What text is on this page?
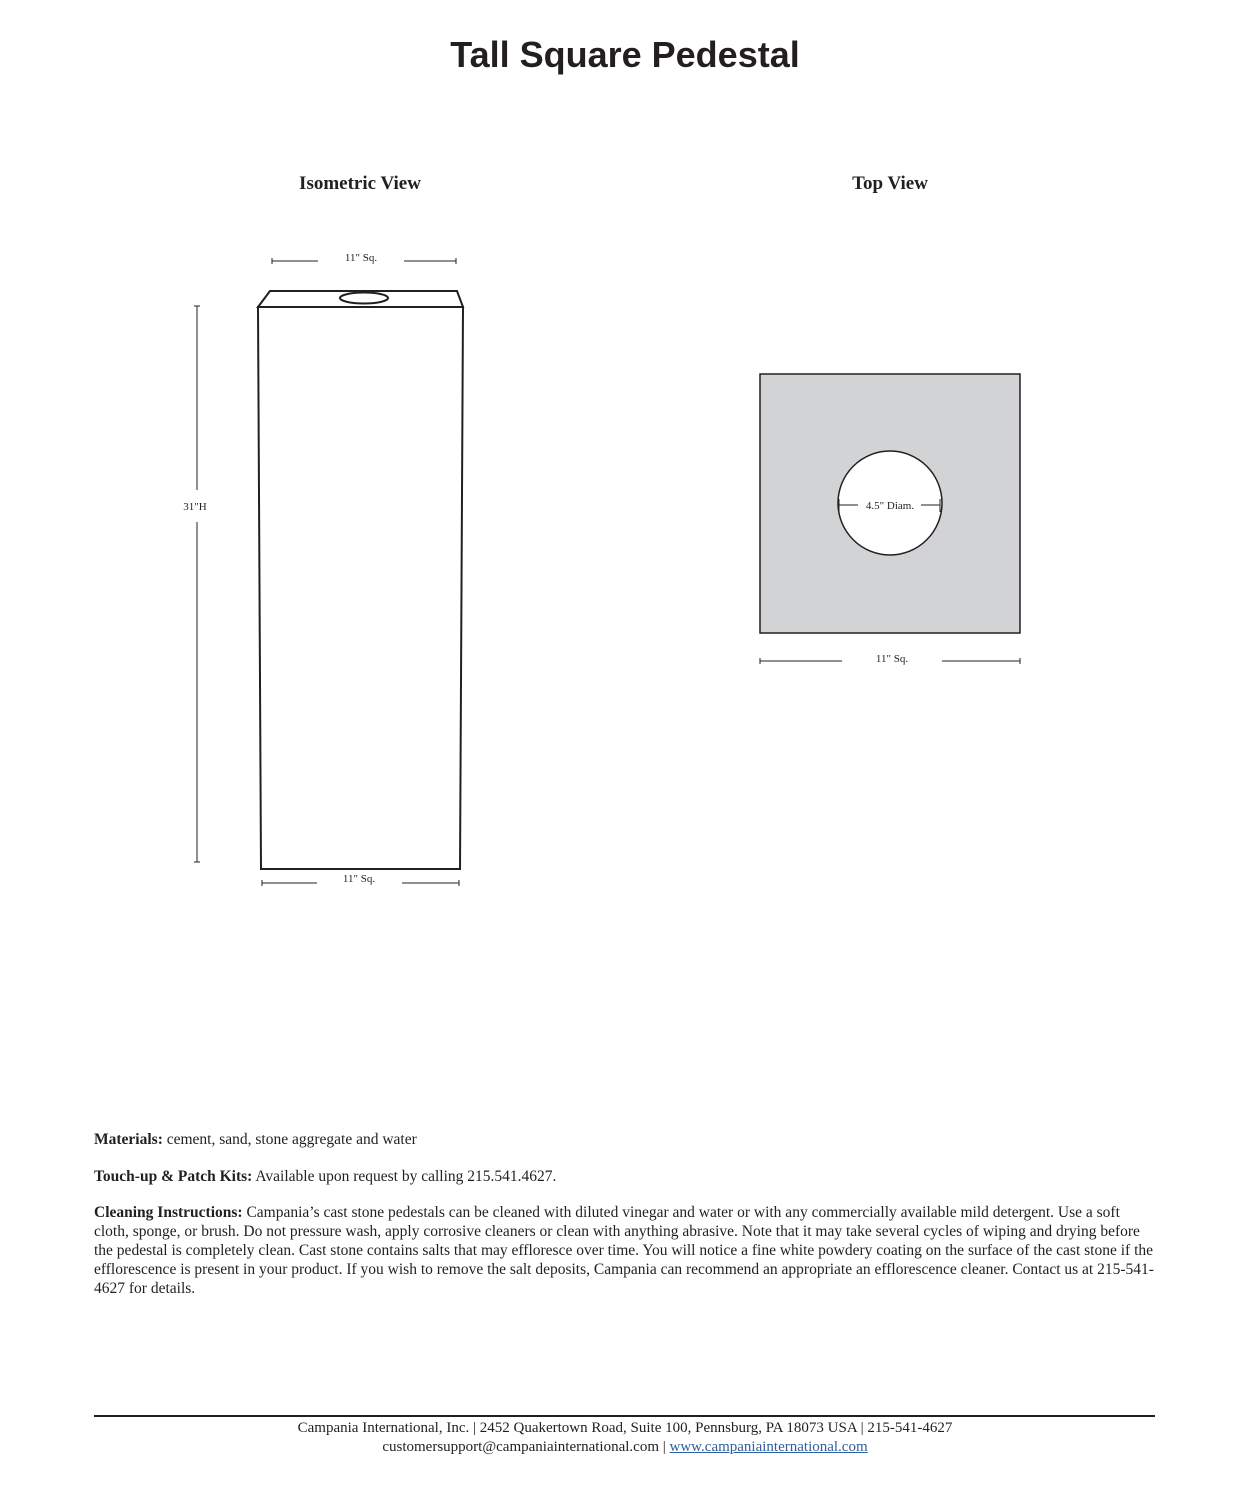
Tall Square Pedestal
Isometric View	Top View
11" Sq.
31"H
11" Sq.
4.5" Diam.
11" Sq.
Materials: cement, sand, stone aggregate and water
Touch-up & Patch Kits: Available upon request by calling 215.541.4627.
Cleaning Instructions: Campania’s cast stone pedestals can be cleaned with diluted vinegar and water or with any commercially available mild detergent. Use a soft cloth, sponge, or brush. Do not pressure wash, apply corrosive cleaners or clean with anything abrasive. Note that it may take several cycles of wiping and drying before the pedestal is completely clean. Cast stone contains salts that may effloresce over time. You will notice a fine white powdery coating on the surface of the cast stone if the efflorescence is present in your product. If you wish to remove the salt deposits, Campania can recommend an appropriate an efflorescence cleaner. Contact us at 215-541-4627 for details.
Campania International, Inc. | 2452 Quakertown Road, Suite 100, Pennsburg, PA 18073 USA | 215-541-4627
customersupport@campaniainternational.com | www.campaniainternational.com
